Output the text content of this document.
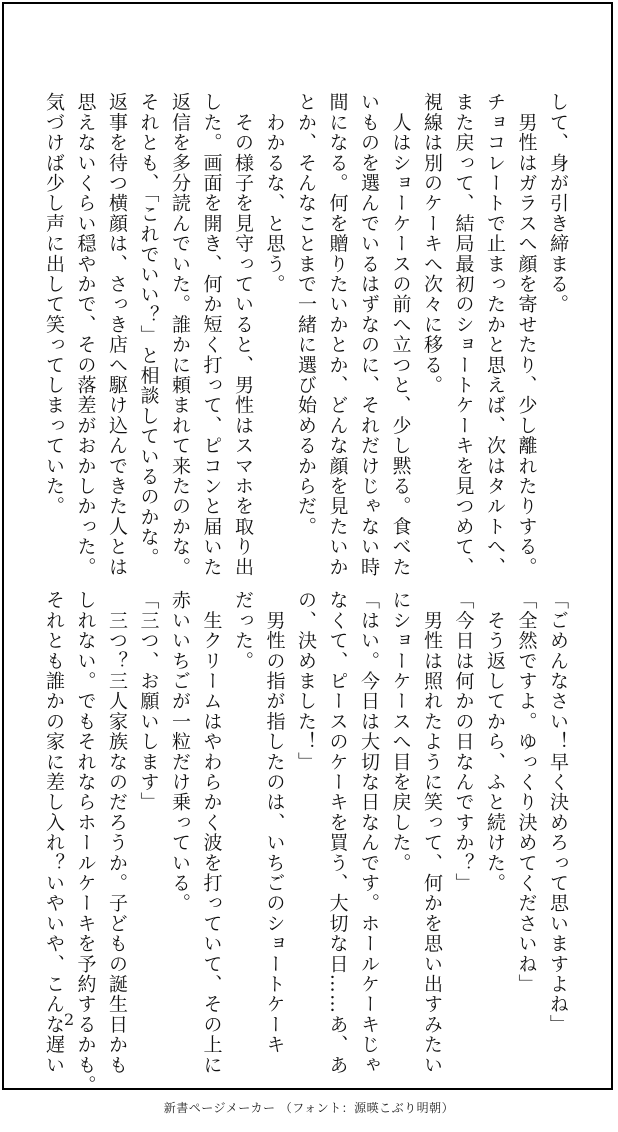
して、身が引き締まる。
　男性はガラスへ顔を寄せたり、少し離れたりする。
チョコレートで止まったかと思えば、次はタルトへ、
また戻って、結局最初のショートケーキを見つめて、
視線は別のケーキへ次々に移る。
　人はショーケースの前へ立つと、少し黙る。食べた
いものを選んでいるはずなのに、それだけじゃない時
間になる。何を贈りたいかとか、どんな顔を見たいか
とか、そんなことまで一緒に選び始めるからだ。
　わかるな、と思う。
　その様子を見守っていると、男性はスマホを取り出
した。画面を開き、何か短く打って、ピコンと届いた
返信を多分読んでいた。誰かに頼まれて来たのかな。
それとも、「これでいい？」と相談しているのかな。
返事を待つ横顔は、さっき店へ駆け込んできた人とは
思えないくらい穏やかで、その落差がおかしかった。
気づけば少し声に出して笑ってしまっていた。
「ごめんなさい！早く決めろって思いますよね」
「全然ですよ。ゆっくり決めてくださいね」
　そう返してから、ふと続けた。
「今日は何かの日なんですか？」
　男性は照れたように笑って、何かを思い出すみたい
にショーケースへ目を戻した。
「はい。今日は大切な日なんです。ホールケーキじゃ
なくて、ピースのケーキを買う、大切な日……あ、あ
の、決めました！」
　男性の指が指したのは、いちごのショートケーキ
だった。
　生クリームはやわらかく波を打っていて、その上に
赤いいちごが一粒だけ乗っている。
「三つ、お願いします」
　三つ？三人家族なのだろうか。子どもの誕生日かも
しれない。でもそれならホールケーキを予約するかも。
それとも誰かの家に差し入れ？いやいや、こんな遅い 2
新書ページメーカー （フォント：源暎こぶり明朝）
